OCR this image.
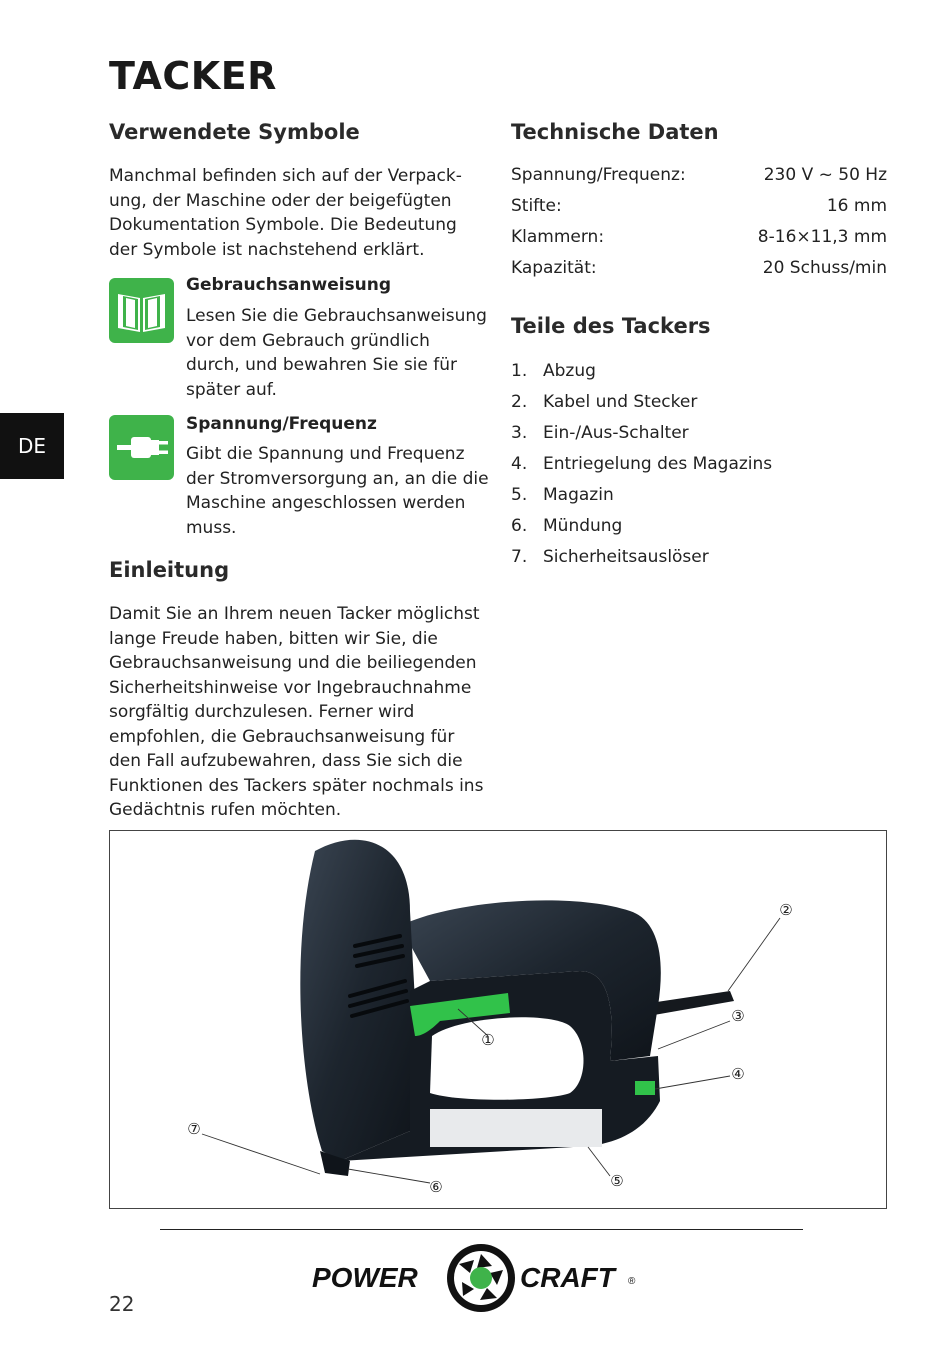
TACKER
DE
Verwendete Symbole

Manchmal befinden sich auf der Verpack-
ung, der Maschine oder der beigefügten
Dokumentation Symbole. Die Bedeutung
der Symbole ist nachstehend erklärt.

Gebrauchsanweisung

Lesen Sie die Gebrauchsanweisung
vor dem Gebrauch gründlich
durch, und bewahren Sie sie für
später auf.

Spannung/Frequenz

Gibt die Spannung und Frequenz
der Stromversorgung an, an die die
Maschine angeschlossen werden
muss.

Einleitung

Damit Sie an Ihrem neuen Tacker möglichst
lange Freude haben, bitten wir Sie, die
Gebrauchsanweisung und die beiliegenden
Sicherheitshinweise vor Ingebrauchnahme
sorgfältig durchzulesen. Ferner wird
empfohlen, die Gebrauchsanweisung für
den Fall aufzubewahren, dass Sie sich die
Funktionen des Tackers später nochmals ins
Gedächtnis rufen möchten.

Technische Daten
Spannung/Frequenz:	230 V ~ 50 Hz
Stifte:	16 mm
Klammern:	8-16×11,3 mm
Kapazität:	20 Schuss/min
Teile des Tackers
1. Abzug
2. Kabel und Stecker
3. Ein-/Aus-Schalter
4. Entriegelung des Magazins
5. Magazin
6. Mündung
7. Sicherheitsauslöser
①
②
③
④
⑤
⑥
⑦
POWER	CRAFT ®
22
